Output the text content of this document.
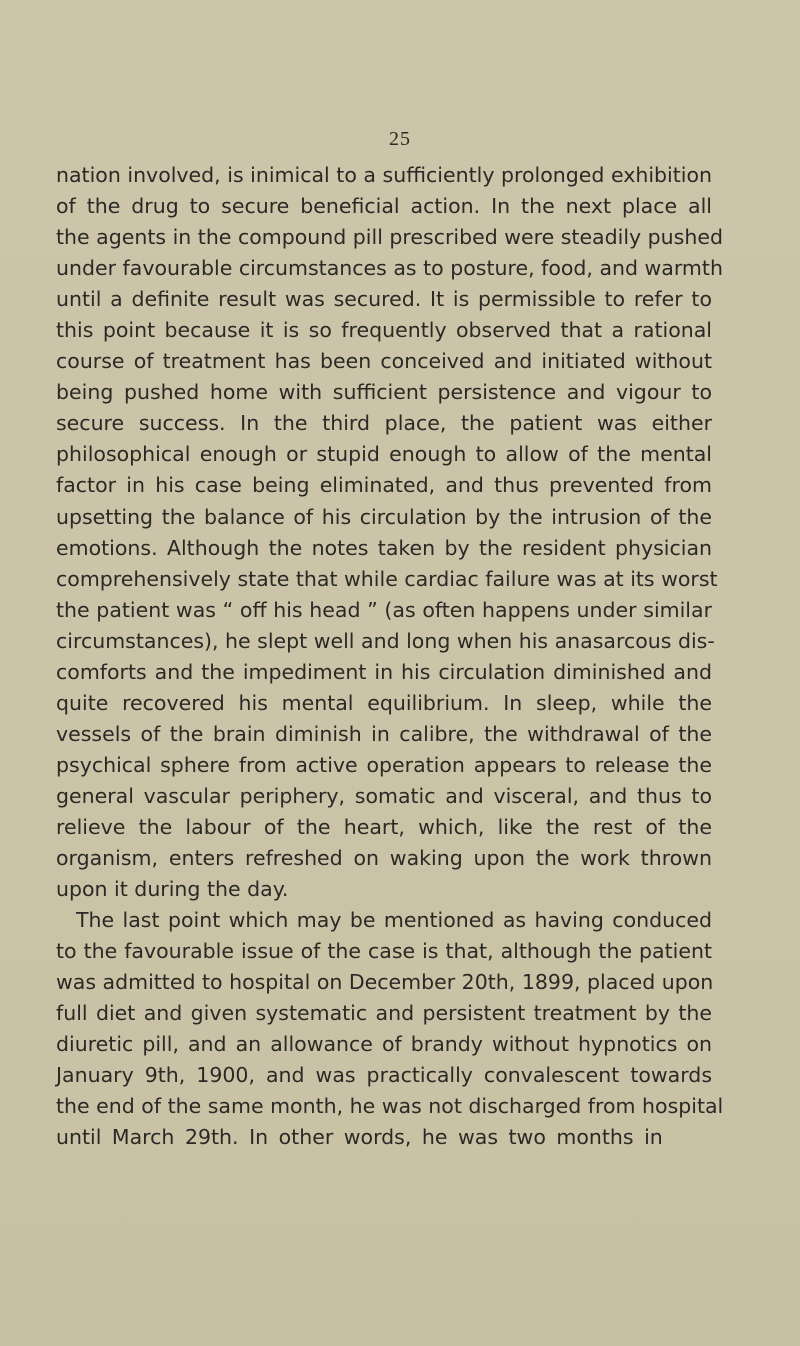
25
nation involved, is inimical to a sufficiently prolonged exhibition
of the drug to secure beneficial action. In the next place all
the agents in the compound pill prescribed were steadily pushed
under favourable circumstances as to posture, food, and warmth
until a definite result was secured. It is permissible to refer to
this point because it is so frequently observed that a rational
course of treatment has been conceived and initiated without
being pushed home with sufficient persistence and vigour to
secure success. In the third place, the patient was either
philosophical enough or stupid enough to allow of the mental
factor in his case being eliminated, and thus prevented from
upsetting the balance of his circulation by the intrusion of the
emotions. Although the notes taken by the resident physician
comprehensively state that while cardiac failure was at its worst
the patient was “ off his head ” (as often happens under similar
circumstances), he slept well and long when his anasarcous dis-
comforts and the impediment in his circulation diminished and
quite recovered his mental equilibrium. In sleep, while the
vessels of the brain diminish in calibre, the withdrawal of the
psychical sphere from active operation appears to release the
general vascular periphery, somatic and visceral, and thus to
relieve the labour of the heart, which, like the rest of the
organism, enters refreshed on waking upon the work thrown
upon it during the day.
The last point which may be mentioned as having conduced
to the favourable issue of the case is that, although the patient
was admitted to hospital on December 20th, 1899, placed upon
full diet and given systematic and persistent treatment by the
diuretic pill, and an allowance of brandy without hypnotics on
January 9th, 1900, and was practically convalescent towards
the end of the same month, he was not discharged from hospital
until March 29th. In other words, he was two months in
